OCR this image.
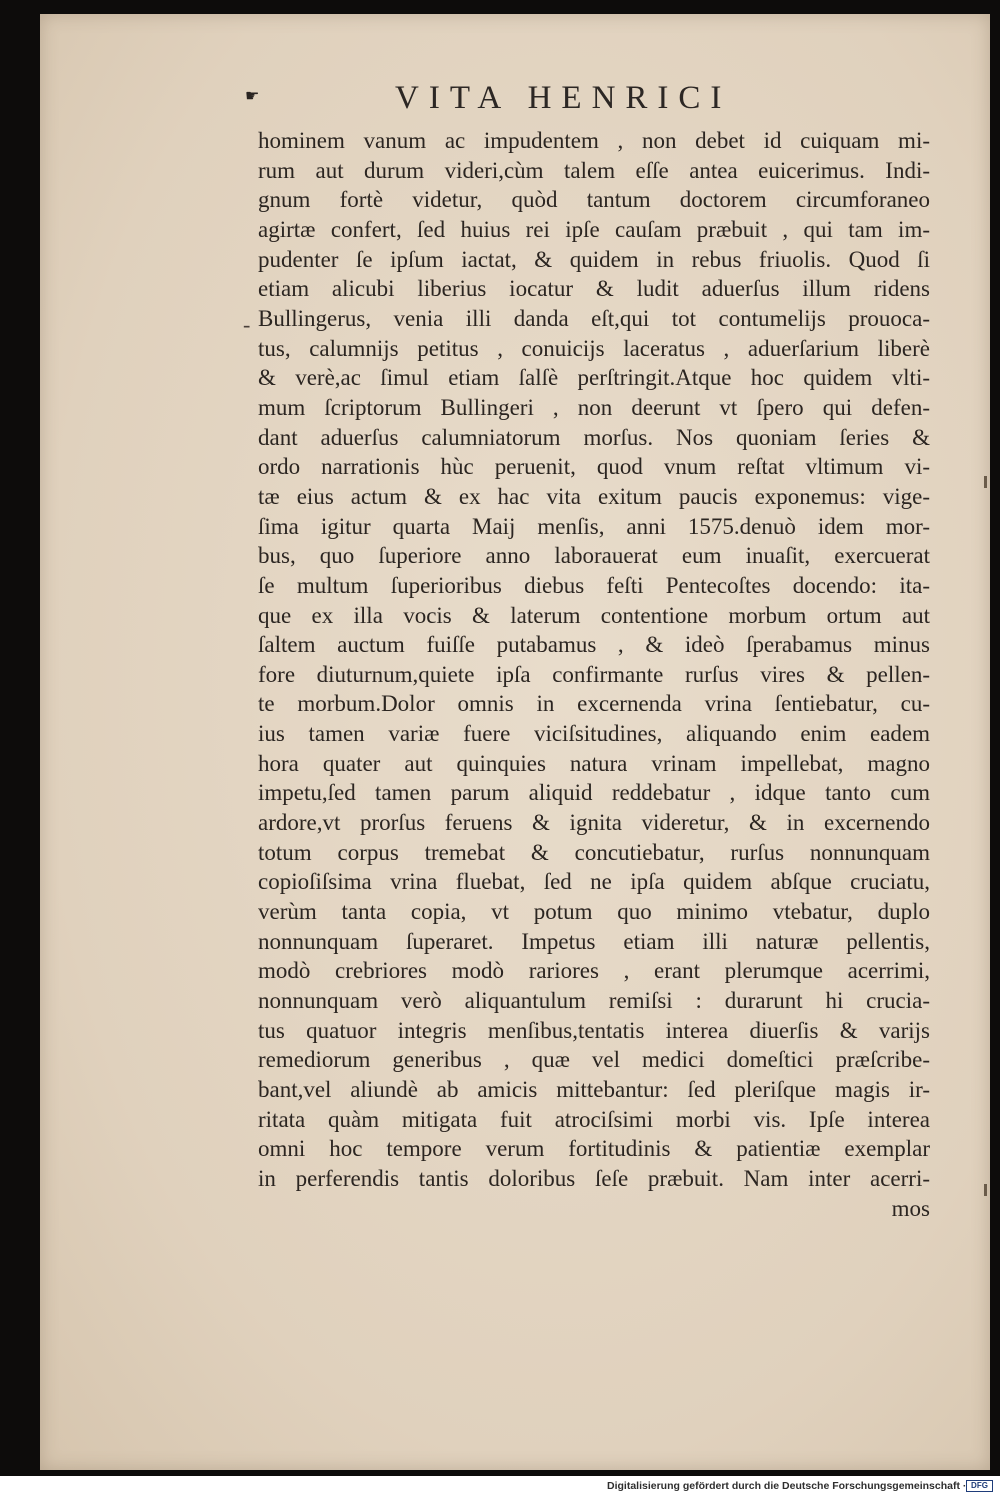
☛	VITA HENRICI
-
hominem vanum ac impudentem , non debet id cuiquam mi-
rum aut durum videri,cùm talem eſſe antea euicerimus. Indi-
gnum fortè videtur, quòd tantum doctorem circumforaneo
agirtæ confert, ſed huius rei ipſe cauſam præbuit , qui tam im-
pudenter ſe ipſum iactat, & quidem in rebus friuolis. Quod ſi
etiam alicubi liberius iocatur & ludit aduerſus illum ridens
Bullingerus, venia illi danda eſt,qui tot contumelijs prouoca-
tus, calumnijs petitus , conuicijs laceratus , aduerſarium liberè
& verè,ac ſimul etiam ſalſè perſtringit.Atque hoc quidem vlti-
mum ſcriptorum Bullingeri , non deerunt vt ſpero qui defen-
dant aduerſus calumniatorum morſus. Nos quoniam ſeries &
ordo narrationis hùc peruenit, quod vnum reſtat vltimum vi-
tæ eius actum & ex hac vita exitum paucis exponemus: vige-
ſima igitur quarta Maij menſis, anni 1575.denuò idem mor-
bus, quo ſuperiore anno laborauerat eum inuaſit, exercuerat
ſe multum ſuperioribus diebus feſti Pentecoſtes docendo: ita-
que ex illa vocis & laterum contentione morbum ortum aut
ſaltem auctum fuiſſe putabamus , & ideò ſperabamus minus
fore diuturnum,quiete ipſa confirmante rurſus vires & pellen-
te morbum.Dolor omnis in excernenda vrina ſentiebatur, cu-
ius tamen variæ fuere viciſsitudines, aliquando enim eadem
hora quater aut quinquies natura vrinam impellebat, magno
impetu,ſed tamen parum aliquid reddebatur , idque tanto cum
ardore,vt prorſus feruens & ignita videretur, & in excernendo
totum corpus tremebat & concutiebatur, rurſus nonnunquam
copioſiſsima vrina fluebat, ſed ne ipſa quidem abſque cruciatu,
verùm tanta copia, vt potum quo minimo vtebatur, duplo
nonnunquam ſuperaret. Impetus etiam illi naturæ pellentis,
modò crebriores modò rariores , erant plerumque acerrimi,
nonnunquam verò aliquantulum remiſsi : durarunt hi crucia-
tus quatuor integris menſibus,tentatis interea diuerſis & varijs
remediorum generibus , quæ vel medici domeſtici præſcribe-
bant,vel aliundè ab amicis mittebantur: ſed pleriſque magis ir-
ritata quàm mitigata fuit atrociſsimi morbi vis. Ipſe interea
omni hoc tempore verum fortitudinis & patientiæ exemplar
in perferendis tantis doloribus ſeſe præbuit. Nam inter acerri-
mos
Digitalisierung gefördert durch die Deutsche Forschungsgemeinschaft · DFG
